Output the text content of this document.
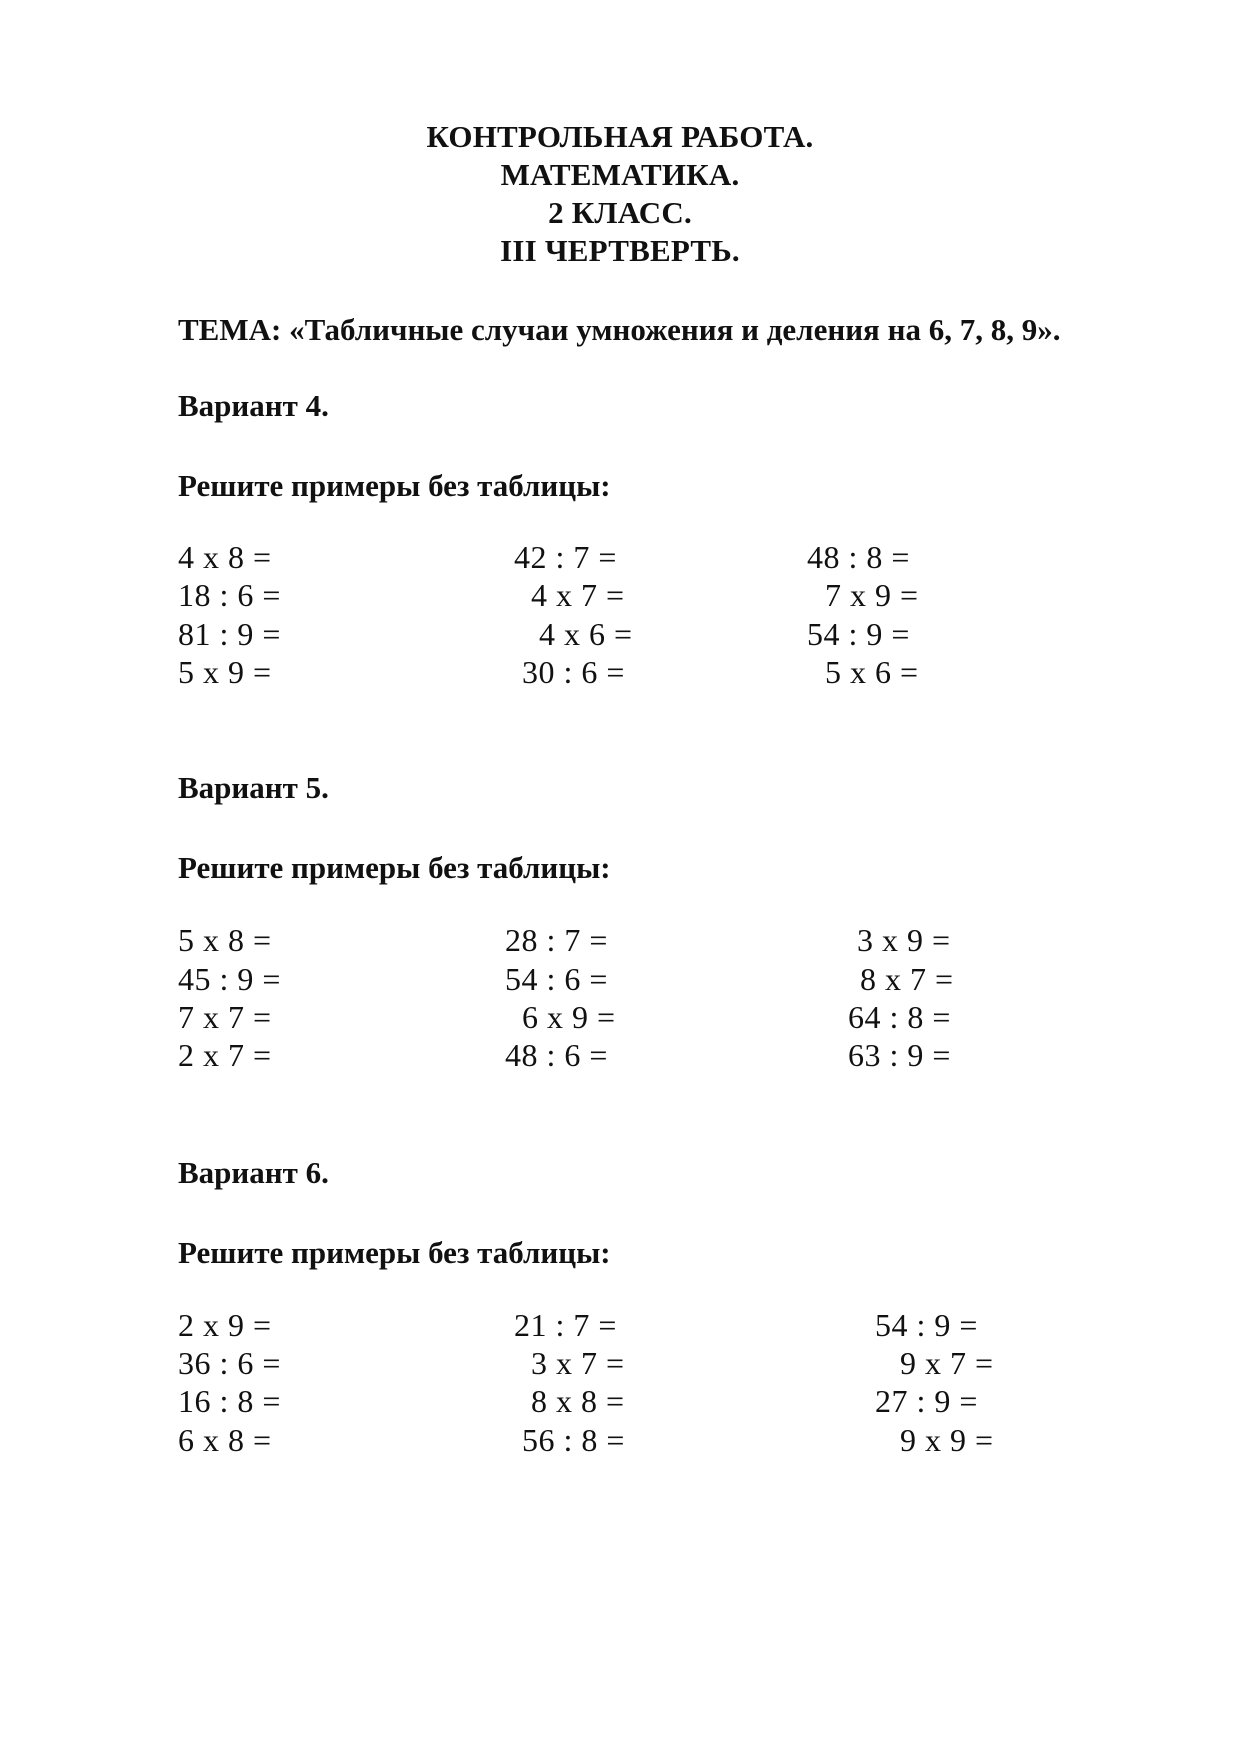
КОНТРОЛЬНАЯ РАБОТА.
МАТЕМАТИКА.
2 КЛАСС.
III ЧЕРТВЕРТЬ.
ТЕМА: «Табличные случаи умножения и деления на 6, 7, 8, 9».
Вариант 4.
Решите примеры без таблицы:
4 х 8 =
18 : 6 =
81 : 9 =
5 х 9 =
42 : 7 =
4 х 7 =
4 х 6 =
30 : 6 =
48 : 8 =
7 х 9 =
54 : 9 =
5 х 6 =
Вариант 5.
Решите примеры без таблицы:
5 х 8 =
45 : 9 =
7 х 7 =
2 х 7 =
28 : 7 =
54 : 6 =
6 х 9 =
48 : 6 =
3 х 9 =
8 х 7 =
64 : 8 =
63 : 9 =
Вариант 6.
Решите примеры без таблицы:
2 х 9 =
36 : 6 =
16 : 8 =
6 х 8 =
21 : 7 =
3 х 7 =
8 х 8 =
56 : 8 =
54 : 9 =
9 х 7 =
27 : 9 =
9 х 9 =
